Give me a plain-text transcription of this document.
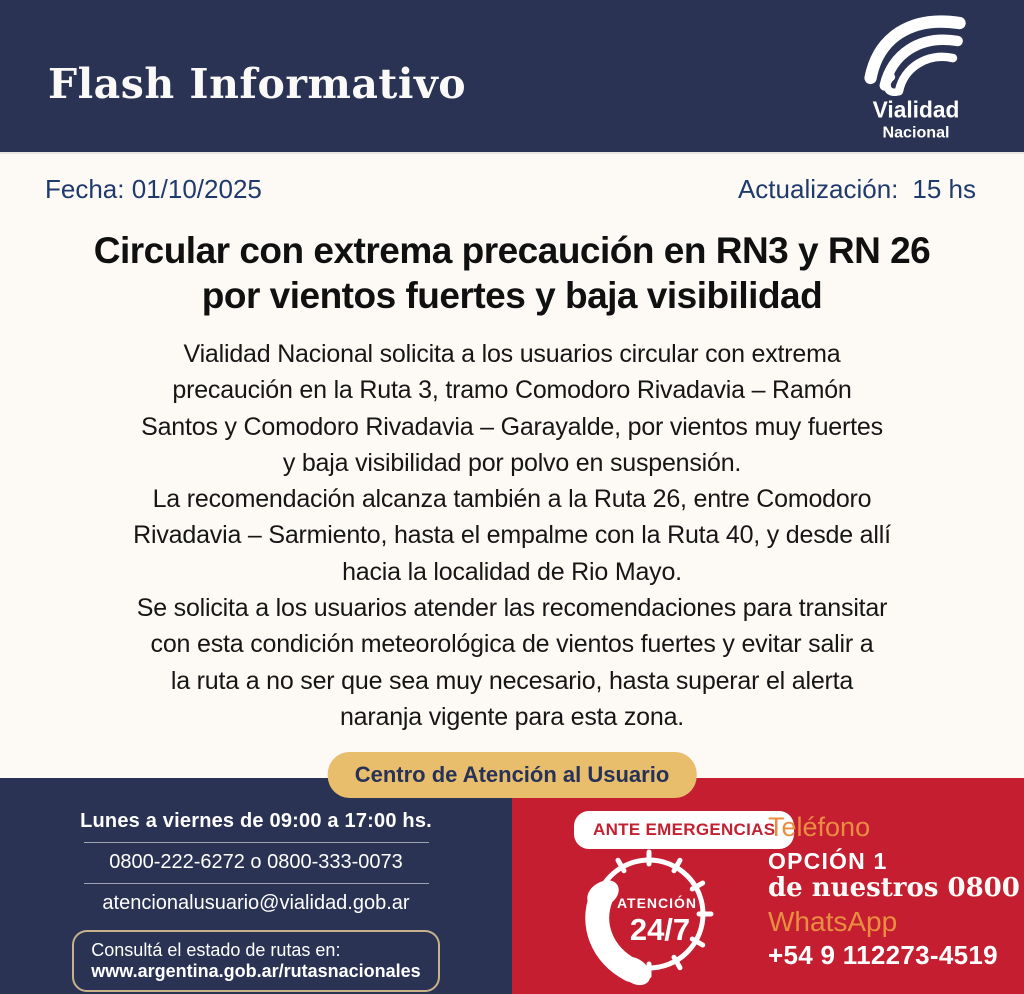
Flash Informativo
Vialidad
Nacional
Fecha: 01/10/2025	Actualización: 15 hs
Circular con extrema precaución en RN3 y RN 26
por vientos fuertes y baja visibilidad
Vialidad Nacional solicita a los usuarios circular con extrema
precaución en la Ruta 3, tramo Comodoro Rivadavia – Ramón
Santos y Comodoro Rivadavia – Garayalde, por vientos muy fuertes
y baja visibilidad por polvo en suspensión.
La recomendación alcanza también a la Ruta 26, entre Comodoro
Rivadavia – Sarmiento, hasta el empalme con la Ruta 40, y desde allí
hacia la localidad de Rio Mayo.
Se solicita a los usuarios atender las recomendaciones para transitar
con esta condición meteorológica de vientos fuertes y evitar salir a
la ruta a no ser que sea muy necesario, hasta superar el alerta
naranja vigente para esta zona.
Centro de Atención al Usuario
Lunes a viernes de 09:00 a 17:00 hs.
0800-222-6272 o 0800-333-0073
atencionalusuario@vialidad.gob.ar
Consultá el estado de rutas en:
www.argentina.gob.ar/rutasnacionales
ANTE EMERGENCIAS
ATENCIÓN
24/7
Teléfono
OPCIÓN 1
de nuestros 0800
WhatsApp
+54 9 112273-4519
